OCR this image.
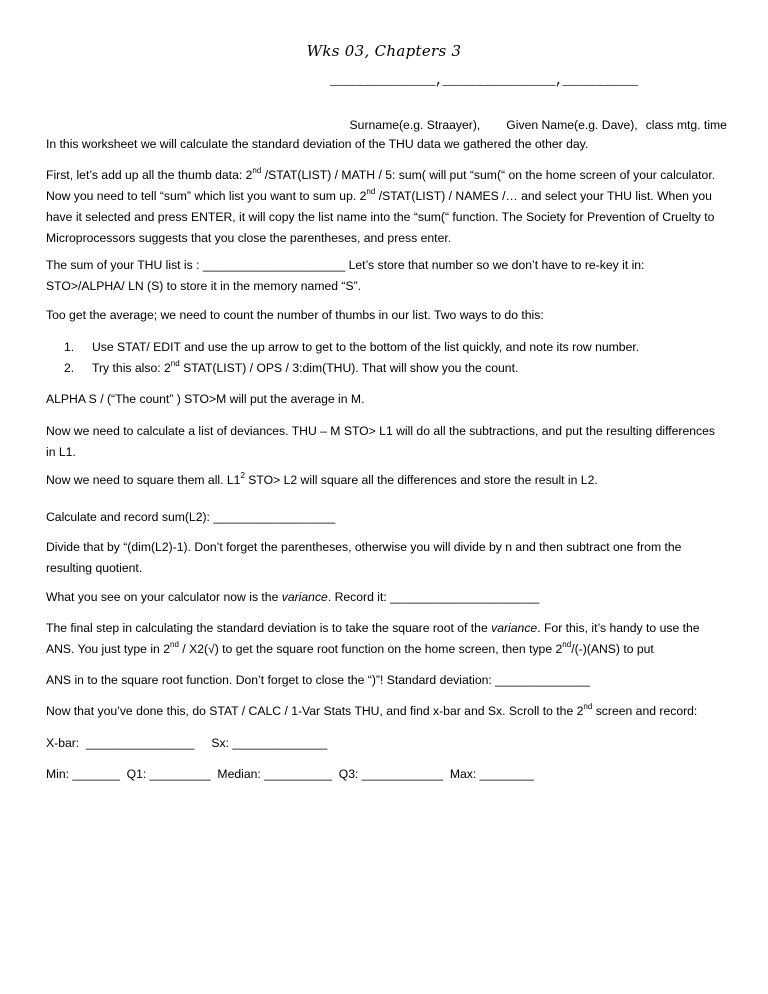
Wks 03, Chapters 3
______________,_______________,__________

Surname(e.g. Straayer), Given Name(e.g. Dave), class mtg. time

In this worksheet we will calculate the standard deviation of the THU data we gathered the other day.

First, let’s add up all the thumb data: 2nd /STAT(LIST) / MATH / 5: sum( will put “sum(“ on the home screen of your calculator. Now you need to tell “sum” which list you want to sum up. 2nd /STAT(LIST) / NAMES /… and select your THU list. When you have it selected and press ENTER, it will copy the list name into the “sum(“ function. The Society for Prevention of Cruelty to Microprocessors suggests that you close the parentheses, and press enter.

The sum of your THU list is : _____________________ Let’s store that number so we don’t have to re-key it in: STO>/ALPHA/ LN (S) to store it in the memory named “S”.

Too get the average; we need to count the number of thumbs in our list. Two ways to do this:

1. Use STAT/ EDIT and use the up arrow to get to the bottom of the list quickly, and note its row number.
2. Try this also: 2nd STAT(LIST) / OPS / 3:dim(THU). That will show you the count.

ALPHA S / (“The count” ) STO>M will put the average in M.

Now we need to calculate a list of deviances. THU – M STO> L1 will do all the subtractions, and put the resulting differences in L1.

Now we need to square them all. $L1^2$ STO> L2 will square all the differences and store the result in L2.

Calculate and record sum(L2): __________________

Divide that by “(dim(L2)-1). Don’t forget the parentheses, otherwise you will divide by n and then subtract one from the resulting quotient.

What you see on your calculator now is the variance. Record it: ______________________

The final step in calculating the standard deviation is to take the square root of the variance. For this, it’s handy to use the ANS. You just type in 2nd / X2(√) to get the square root function on the home screen, then type 2nd/(-)(ANS) to put

ANS in to the square root function. Don’t forget to close the “)”! Standard deviation: ______________

Now that you’ve done this, do STAT / CALC / 1-Var Stats THU, and find x-bar and Sx. Scroll to the 2nd screen and record:

X-bar:  ________________     Sx: ______________

Min: _______  Q1: _________  Median: __________  Q3: ____________  Max: ________
